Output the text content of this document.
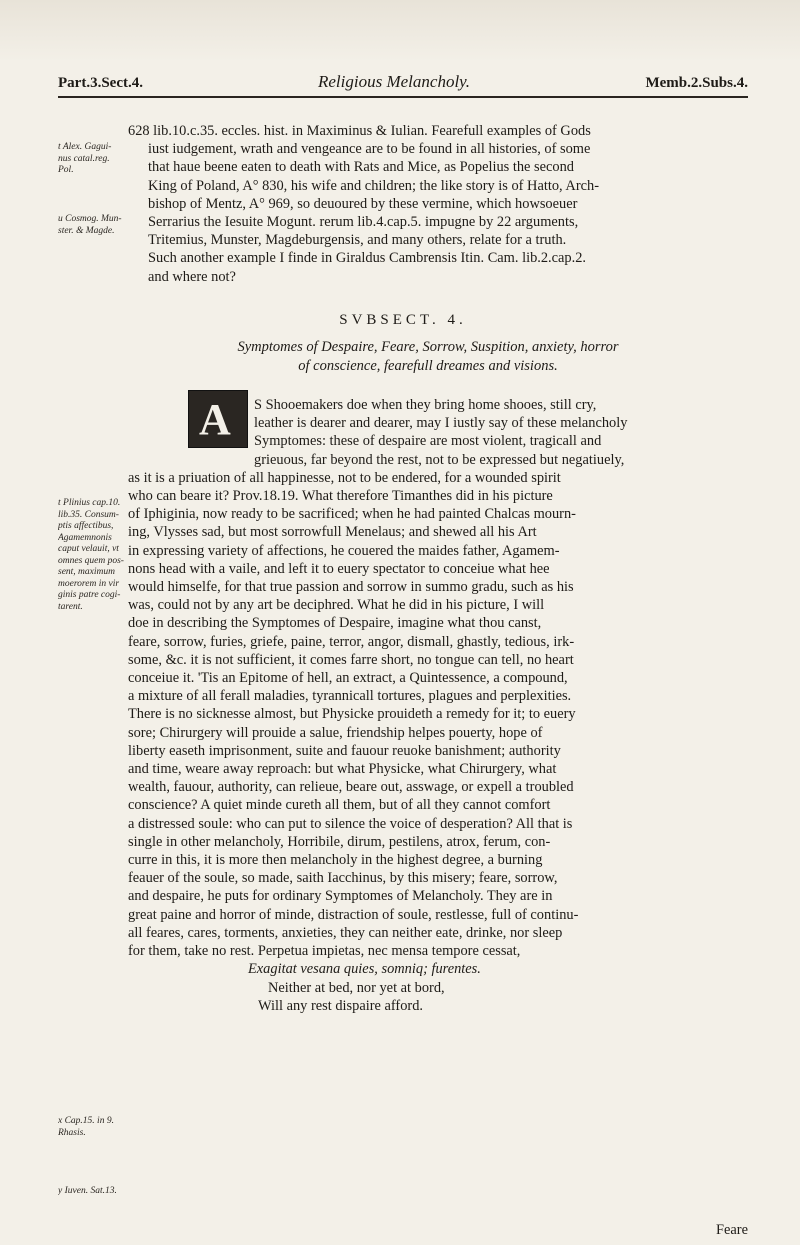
Part.3.Sect.4.	Religious Melancholy.	Memb.2.Subs.4.
t Alex. Gagui-
nus catal.reg.
Pol.
u Cosmog. Mun-
ster. & Magde.
628 lib.10.c.35. eccles. hist. in Maximinus & Iulian. Fearefull examples of Gods
iust iudgement, wrath and vengeance are to be found in all histories, of some
that haue beene eaten to death with Rats and Mice, as Popelius the second
King of Poland, A° 830, his wife and children; the like story is of Hatto, Arch-
bishop of Mentz, A° 969, so deuoured by these vermine, which howsoeuer
Serrarius the Iesuite Mogunt. rerum lib.4.cap.5. impugne by 22 arguments,
Tritemius, Munster, Magdeburgensis, and many others, relate for a truth.
Such another example I finde in Giraldus Cambrensis Itin. Cam. lib.2.cap.2.
and where not?
SVBSECT. 4.
Symptomes of Despaire, Feare, Sorrow, Suspition, anxiety, horror
of conscience, fearefull dreames and visions.
A
t Plinius cap.10.
lib.35. Consum-
ptis affectibus,
Agamemnonis
caput velauit, vt
omnes quem pos-
sent, maximum
moerorem in vir
ginis patre cogi-
tarent.
x Cap.15. in 9.
Rhasis.
y Iuven. Sat.13.
S Shooemakers doe when they bring home shooes, still cry,
leather is dearer and dearer, may I iustly say of these melancholy
Symptomes: these of despaire are most violent, tragicall and
grieuous, far beyond the rest, not to be expressed but negatiuely,
as it is a priuation of all happinesse, not to be endered, for a wounded spirit
who can beare it? Prov.18.19. What therefore Timanthes did in his picture
of Iphiginia, now ready to be sacrificed; when he had painted Chalcas mourn-
ing, Vlysses sad, but most sorrowfull Menelaus; and shewed all his Art
in expressing variety of affections, he couered the maides father, Agamem-
nons head with a vaile, and left it to euery spectator to conceiue what hee
would himselfe, for that true passion and sorrow in summo gradu, such as his
was, could not by any art be deciphred. What he did in his picture, I will
doe in describing the Symptomes of Despaire, imagine what thou canst,
feare, sorrow, furies, griefe, paine, terror, angor, dismall, ghastly, tedious, irk-
some, &c. it is not sufficient, it comes farre short, no tongue can tell, no heart
conceiue it. 'Tis an Epitome of hell, an extract, a Quintessence, a compound,
a mixture of all ferall maladies, tyrannicall tortures, plagues and perplexities.
There is no sicknesse almost, but Physicke prouideth a remedy for it; to euery
sore; Chirurgery will prouide a salue, friendship helpes pouerty, hope of
liberty easeth imprisonment, suite and fauour reuoke banishment; authority
and time, weare away reproach: but what Physicke, what Chirurgery, what
wealth, fauour, authority, can relieue, beare out, asswage, or expell a troubled
conscience? A quiet minde cureth all them, but of all they cannot comfort
a distressed soule: who can put to silence the voice of desperation? All that is
single in other melancholy, Horribile, dirum, pestilens, atrox, ferum, con-
curre in this, it is more then melancholy in the highest degree, a burning
feauer of the soule, so made, saith Iacchinus, by this misery; feare, sorrow,
and despaire, he puts for ordinary Symptomes of Melancholy. They are in
great paine and horror of minde, distraction of soule, restlesse, full of continu-
all feares, cares, torments, anxieties, they can neither eate, drinke, nor sleep
for them, take no rest. Perpetua impietas, nec mensa tempore cessat,
Exagitat vesana quies, somniq; furentes.
Neither at bed, nor yet at bord,
Will any rest dispaire afford.
Feare
